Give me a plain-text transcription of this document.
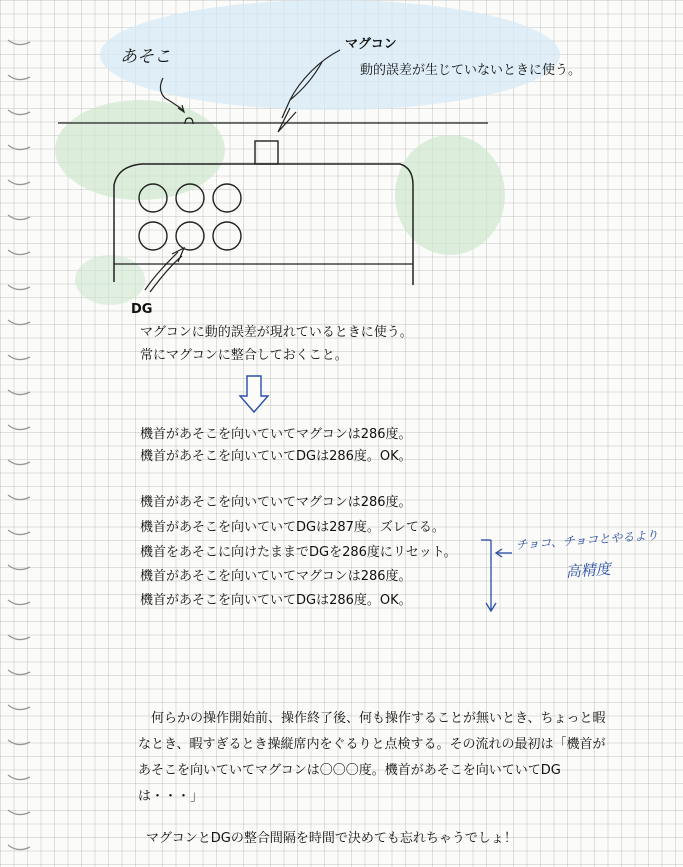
あそこ
マグコン
動的誤差が生じていないときに使う。
DG
マグコンに動的誤差が現れているときに使う。
常にマグコンに整合しておくこと。
機首があそこを向いていてマグコンは286度。
機首があそこを向いていてDGは286度。OK。
機首があそこを向いていてマグコンは286度。
機首があそこを向いていてDGは287度。ズレてる。
機首をあそこに向けたままでDGを286度にリセット。
機首があそこを向いていてマグコンは286度。
機首があそこを向いていてDGは286度。OK。
チョコ、チョコとやるより
高精度
　何らかの操作開始前、操作終了後、何も操作することが無いとき、ちょっと暇なとき、暇すぎるとき操縦席内をぐるりと点検する。その流れの最初は「機首があそこを向いていてマグコンは〇〇〇度。機首があそこを向いていてDGは・・・」
マグコンとDGの整合間隔を時間で決めても忘れちゃうでしょ！
